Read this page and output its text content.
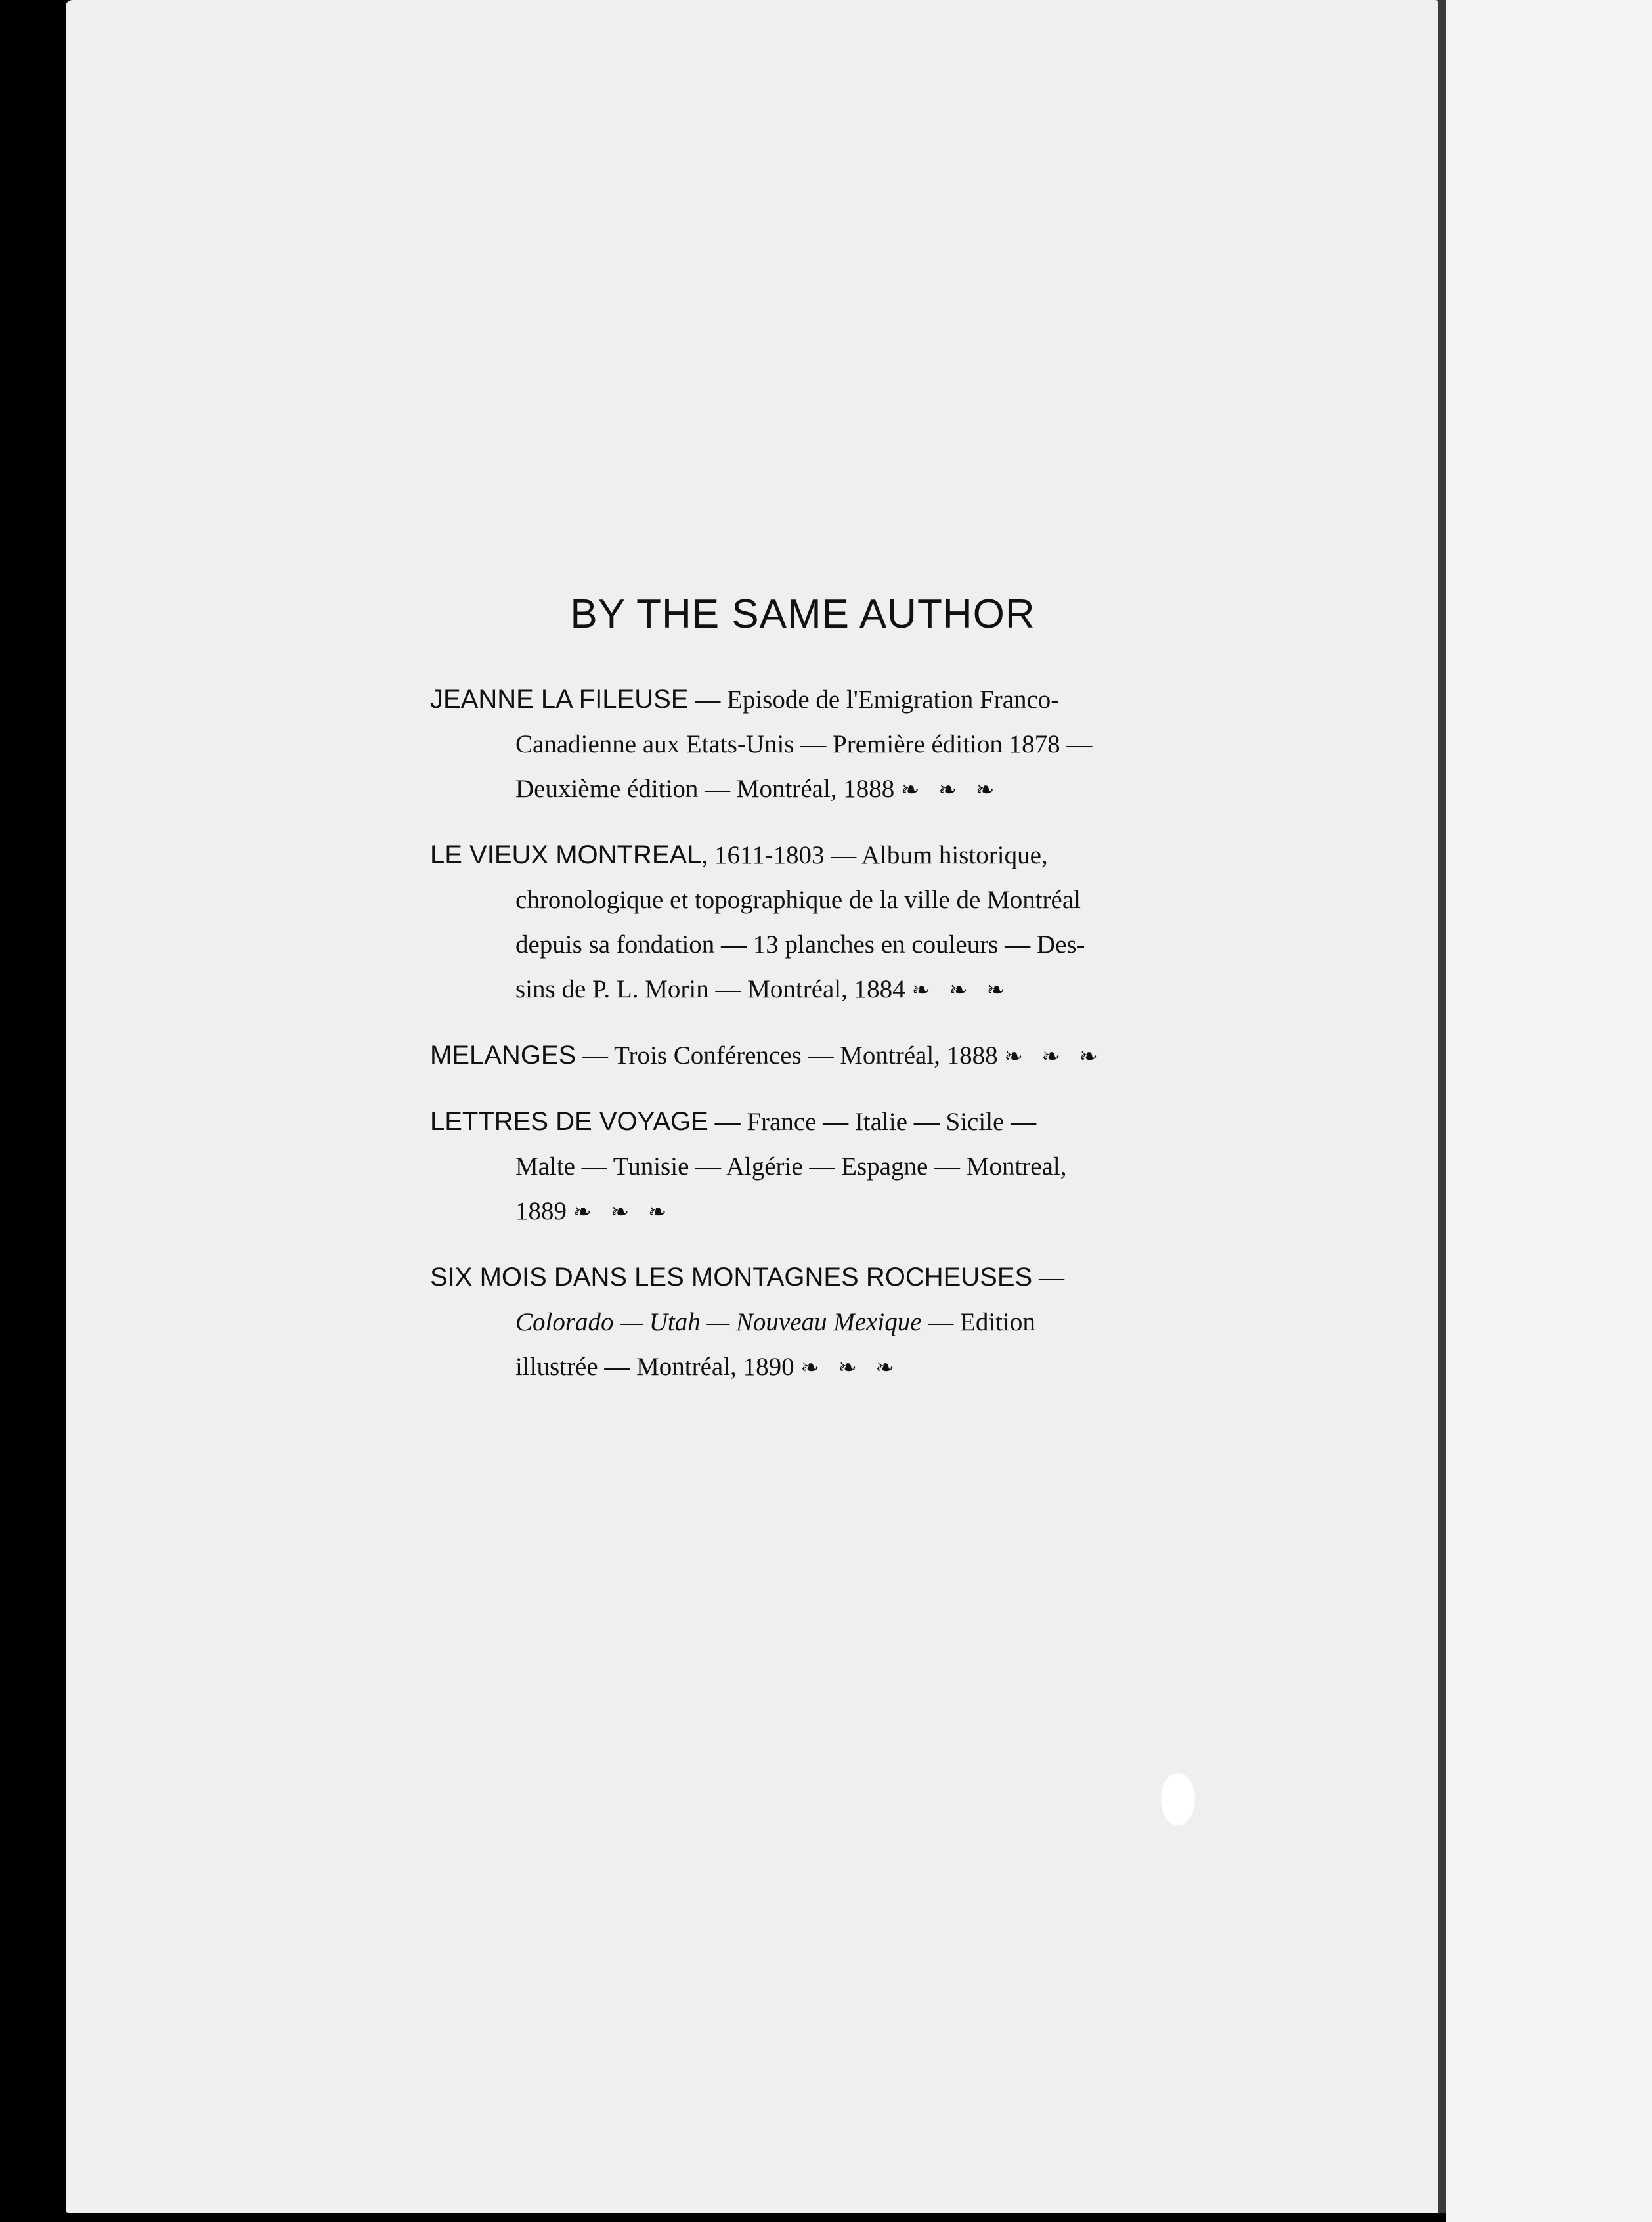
BY THE SAME AUTHOR

JEANNE LA FILEUSE — Episode de l'Emigration Franco-
Canadienne aux Etats-Unis — Première édition 1878 —
Deuxième édition — Montréal, 1888 ❧ ❧ ❧

LE VIEUX MONTREAL, 1611-1803 — Album historique,
chronologique et topographique de la ville de Montréal
depuis sa fondation — 13 planches en couleurs — Des-
sins de P. L. Morin — Montréal, 1884 ❧ ❧ ❧

MELANGES — Trois Conférences — Montréal, 1888 ❧ ❧ ❧

LETTRES DE VOYAGE — France — Italie — Sicile —
Malte — Tunisie — Algérie — Espagne — Montreal,
1889 ❧ ❧ ❧

SIX MOIS DANS LES MONTAGNES ROCHEUSES —
Colorado — Utah — Nouveau Mexique — Edition
illustrée — Montréal, 1890 ❧ ❧ ❧
